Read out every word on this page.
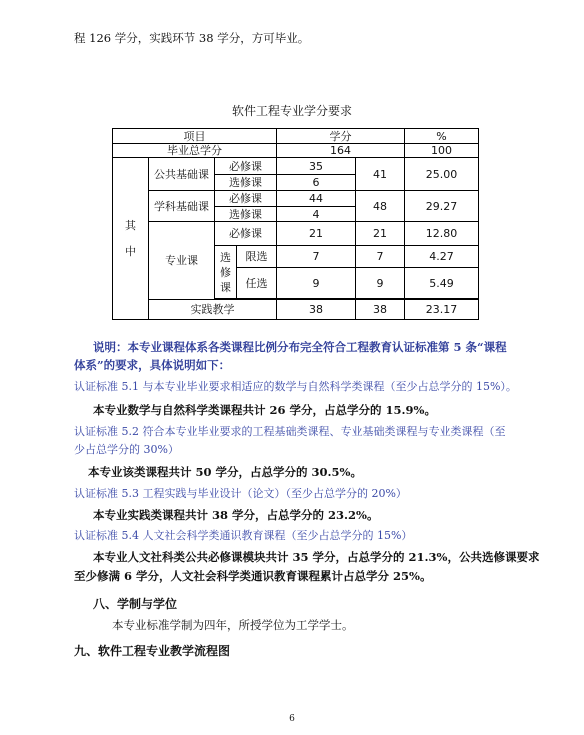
程 126 学分，实践环节 38 学分，方可毕业。
软件工程专业学分要求
项目				学分		%
毕业总学分				164		100

其中	公共基础课	必修课		35	41	25.00
		选修课		6		
	学科基础课	必修课		44	48	29.27
		选修课		4		
	专业课	必修课		21	21	12.80

		选修课	限选	7	7	4.27
			任选	9	9	5.49

	实践教学			38	38	23.17
说明：本专业课程体系各类课程比例分布完全符合工程教育认证标准第 5 条“课程
体系”的要求，具体说明如下：
认证标准 5.1 与本专业毕业要求相适应的数学与自然科学类课程（至少占总学分的 15%）。
本专业数学与自然科学类课程共计 26 学分，占总学分的 15.9%。
认证标准 5.2 符合本专业毕业要求的工程基础类课程、专业基础类课程与专业类课程（至
少占总学分的 30%）
本专业该类课程共计 50 学分，占总学分的 30.5%。
认证标准 5.3 工程实践与毕业设计（论文）（至少占总学分的 20%）
本专业实践类课程共计 38 学分，占总学分的 23.2%。
认证标准 5.4 人文社会科学类通识教育课程（至少占总学分的 15%）
本专业人文社科类公共必修课模块共计 35 学分，占总学分的 21.3%，公共选修课要求
至少修满 6 学分，人文社会科学类通识教育课程累计占总学分 25%。
八、学制与学位
本专业标准学制为四年，所授学位为工学学士。
九、软件工程专业教学流程图
6
